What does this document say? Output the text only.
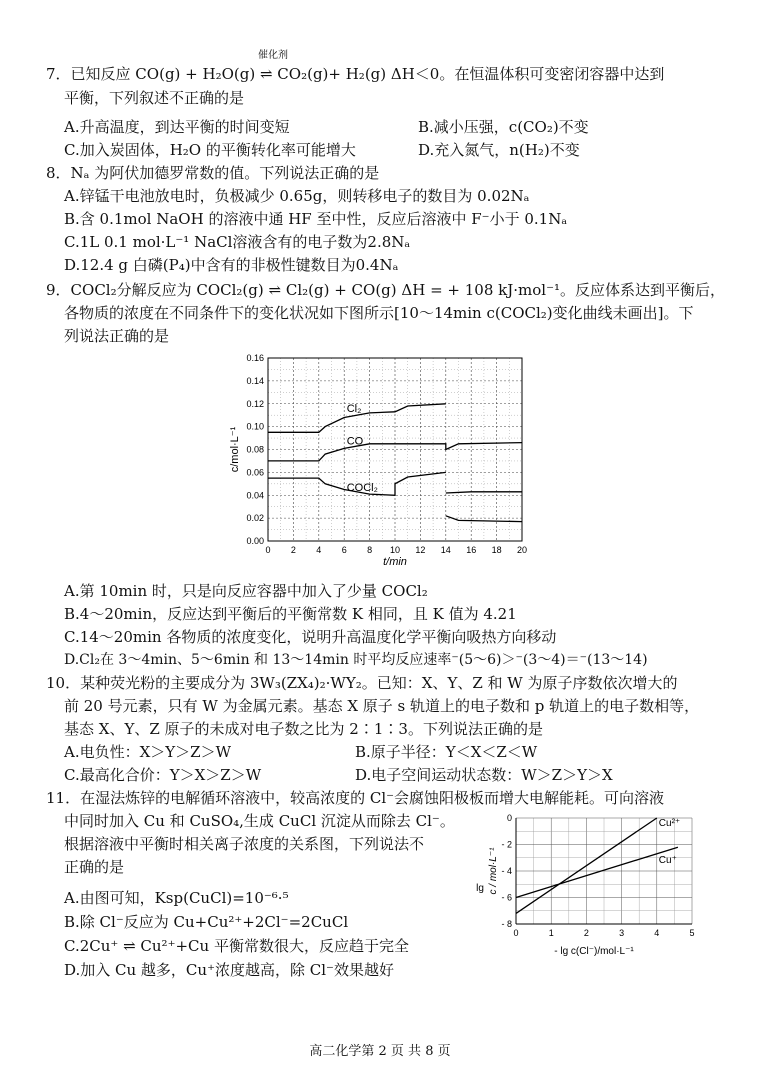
7．已知反应 CO(g) + H₂O(g) ⇌ CO₂(g)+ H₂(g) ΔH＜0。在恒温体积可变密闭容器中达到
催化剂
平衡，下列叙述不正确的是
A.升高温度，到达平衡的时间变短	B.减小压强，c(CO₂)不变
C.加入炭固体，H₂O 的平衡转化率可能增大	D.充入氮气，n(H₂)不变
8．Nₐ 为阿伏加德罗常数的值。下列说法正确的是
A.锌锰干电池放电时，负极减少 0.65g，则转移电子的数目为 0.02Nₐ
B.含 0.1mol NaOH 的溶液中通 HF 至中性，反应后溶液中 F⁻小于 0.1Nₐ
C.1L 0.1 mol·L⁻¹ NaCl溶液含有的电子数为2.8Nₐ
D.12.4 g 白磷(P₄)中含有的非极性键数目为0.4Nₐ
9．COCl₂分解反应为 COCl₂(g) ⇌ Cl₂(g) + CO(g) ΔH = + 108 kJ·mol⁻¹。反应体系达到平衡后，
各物质的浓度在不同条件下的变化状况如下图所示[10～14min c(COCl₂)变化曲线未画出]。下
列说法正确的是
0 2 4 6 8 10 12 14 16 18 20
0.00
0.02
0.04
0.06
0.08
0.10
0.12
0.14
0.16
Cl₂
CO
COCl₂
t/min
c/mol·L⁻¹
A.第 10min 时，只是向反应容器中加入了少量 COCl₂
B.4～20min，反应达到平衡后的平衡常数 K 相同，且 K 值为 4.21
C.14～20min 各物质的浓度变化，说明升高温度化学平衡向吸热方向移动
D.Cl₂在 3～4min、5～6min 和 13～14min 时平均反应速率⁻(5～6)＞⁻(3～4)＝⁻(13～14)
10．某种荧光粉的主要成分为 3W₃(ZX₄)₂·WY₂。已知：X、Y、Z 和 W 为原子序数依次增大的
前 20 号元素，只有 W 为金属元素。基态 X 原子 s 轨道上的电子数和 p 轨道上的电子数相等，
基态 X、Y、Z 原子的未成对电子数之比为 2∶1∶3。下列说法正确的是
A.电负性：X＞Y＞Z＞W	B.原子半径：Y＜X＜Z＜W
C.最高化合价：Y＞X＞Z＞W	D.电子空间运动状态数：W＞Z＞Y＞X
11．在湿法炼锌的电解循环溶液中，较高浓度的 Cl⁻会腐蚀阳极板而增大电解能耗。可向溶液
中同时加入 Cu 和 CuSO₄,生成 CuCl 沉淀从而除去 Cl⁻。
根据溶液中平衡时相关离子浓度的关系图，下列说法不
正确的是
A.由图可知，Ksp(CuCl)=10⁻⁶·⁵
B.除 Cl⁻反应为 Cu+Cu²⁺+2Cl⁻=2CuCl
C.2Cu⁺ ⇌ Cu²⁺+Cu 平衡常数很大，反应趋于完全
D.加入 Cu 越多，Cu⁺浓度越高，除 Cl⁻效果越好
0	1	2	3	4	5
0
- 2
- 4
- 6
- 8
Cu²⁺
Cu⁺
lg c / mol·L⁻¹
- lg c(Cl⁻)/mol·L⁻¹
高二化学第 2 页 共 8 页
